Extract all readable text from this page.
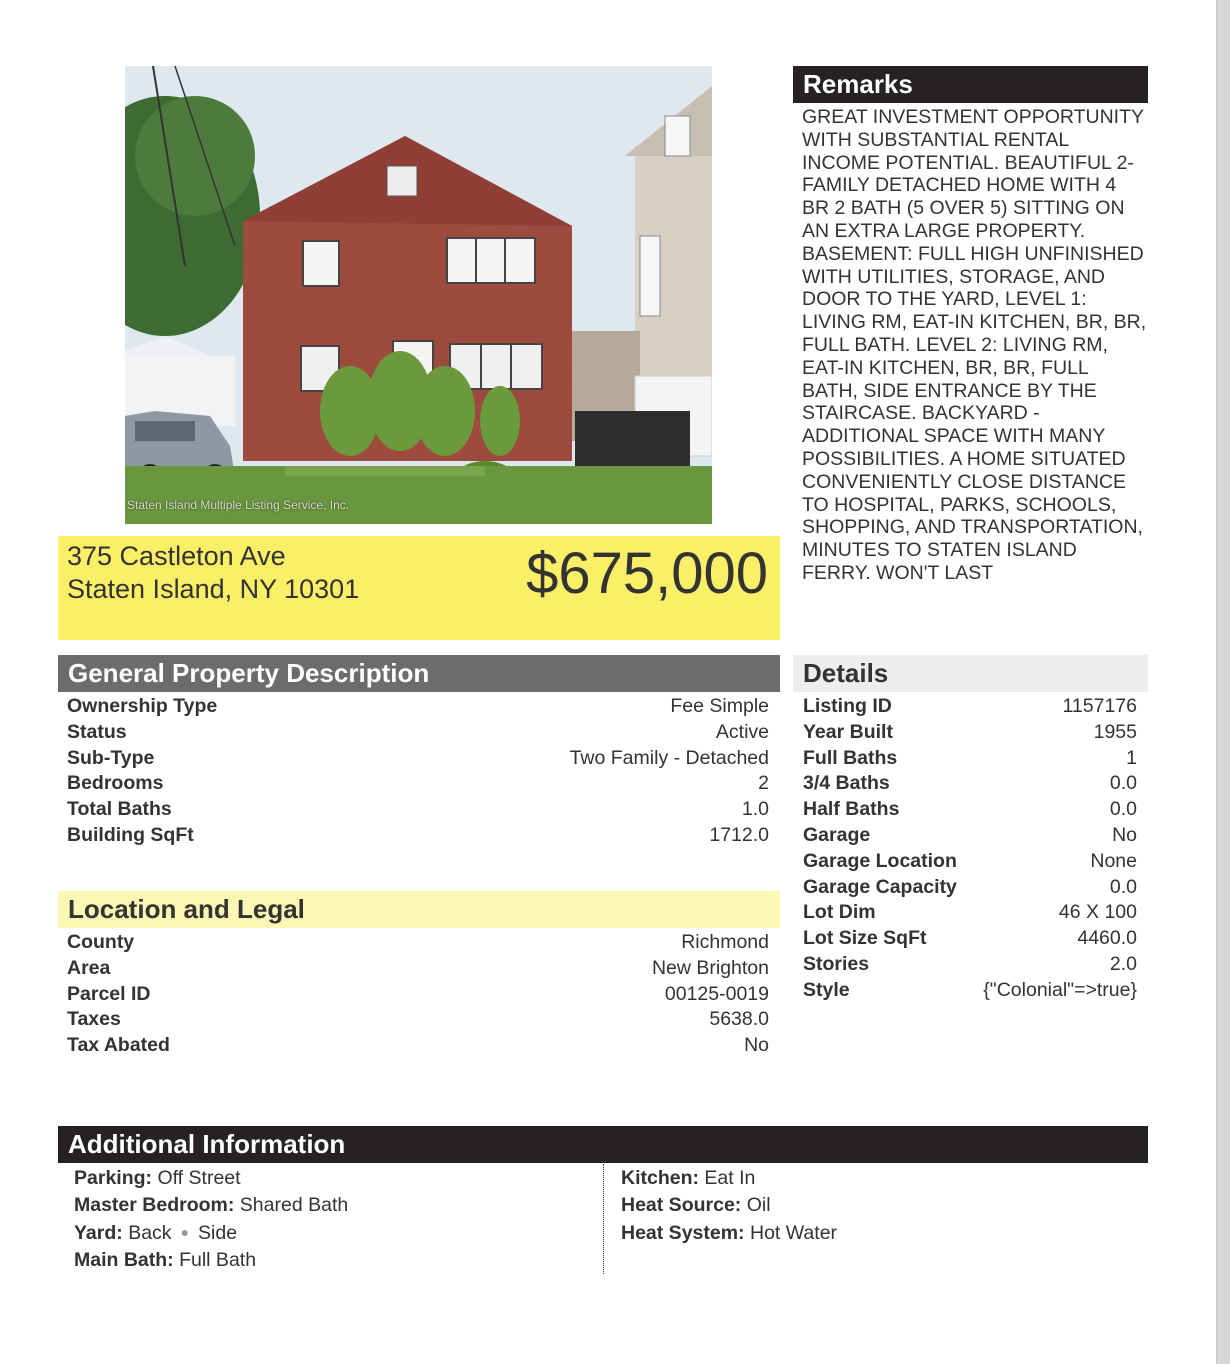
Staten Island Multiple Listing Service, Inc.
375 Castleton Ave
Staten Island, NY 10301	$675,000
Remarks
GREAT INVESTMENT OPPORTUNITY WITH SUBSTANTIAL RENTAL INCOME POTENTIAL. BEAUTIFUL 2-FAMILY DETACHED HOME WITH 4 BR 2 BATH (5 OVER 5) SITTING ON AN EXTRA LARGE PROPERTY. BASEMENT: FULL HIGH UNFINISHED WITH UTILITIES, STORAGE, AND DOOR TO THE YARD, LEVEL 1: LIVING RM, EAT-IN KITCHEN, BR, BR, FULL BATH. LEVEL 2: LIVING RM, EAT-IN KITCHEN, BR, BR, FULL BATH, SIDE ENTRANCE BY THE STAIRCASE. BACKYARD - ADDITIONAL SPACE WITH MANY POSSIBILITIES. A HOME SITUATED CONVENIENTLY CLOSE DISTANCE TO HOSPITAL, PARKS, SCHOOLS, SHOPPING, AND TRANSPORTATION, MINUTES TO STATEN ISLAND FERRY. WON'T LAST
General Property Description
Ownership Type	Fee Simple
Status	Active
Sub-Type	Two Family - Detached
Bedrooms	2
Total Baths	1.0
Building SqFt	1712.0
Location and Legal
County	Richmond
Area	New Brighton
Parcel ID	00125-0019
Taxes	5638.0
Tax Abated	No
Details
Listing ID	1157176
Year Built	1955
Full Baths	1
3/4 Baths	0.0
Half Baths	0.0
Garage	No
Garage Location	None
Garage Capacity	0.0
Lot Dim	46 X 100
Lot Size SqFt	4460.0
Stories	2.0
Style	{"Colonial"=>true}
Additional Information
Parking: Off Street
Master Bedroom: Shared Bath
Yard: Back ● Side
Main Bath: Full Bath
Kitchen: Eat In
Heat Source: Oil
Heat System: Hot Water
